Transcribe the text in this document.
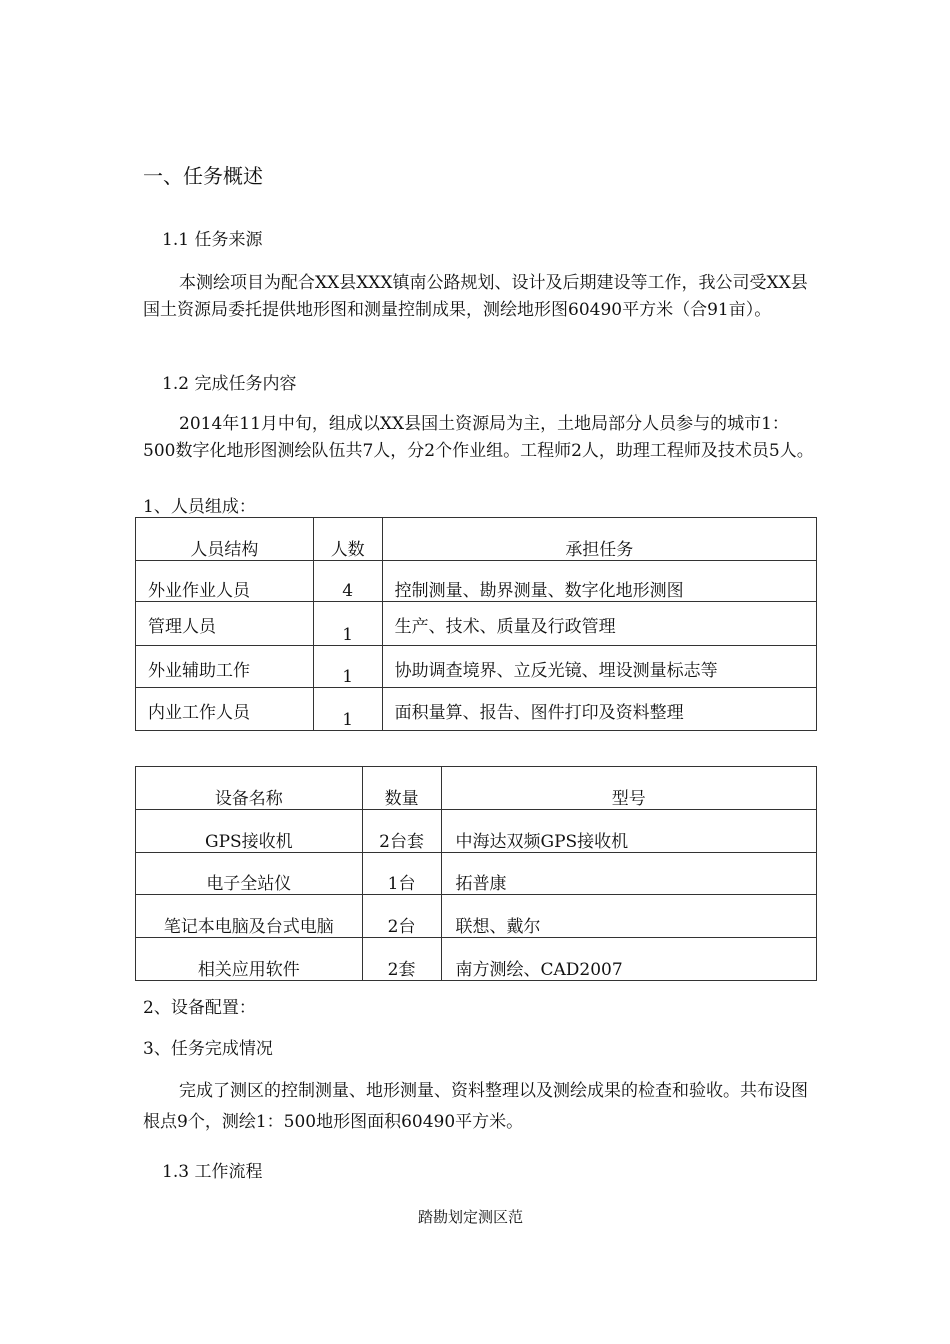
一、任务概述
1.1 任务来源
本测绘项目为配合XX县XXX镇南公路规划、设计及后期建设等工作，我公司受XX县国土资源局委托提供地形图和测量控制成果，测绘地形图60490平方米（合91亩）。
1.2 完成任务内容
2014年11月中旬，组成以XX县国土资源局为主，土地局部分人员参与的城市1：500数字化地形图测绘队伍共7人，分2个作业组。工程师2人，助理工程师及技术员5人。
1、人员组成：
人员结构	人数	承担任务
外业作业人员	4	控制测量、勘界测量、数字化地形测图
管理人员	1	生产、技术、质量及行政管理
外业辅助工作	1	协助调查境界、立反光镜、埋设测量标志等
内业工作人员	1	面积量算、报告、图件打印及资料整理
设备名称	数量	型号
GPS接收机	2台套	中海达双频GPS接收机
电子全站仪	1台	拓普康
笔记本电脑及台式电脑	2台	联想、戴尔
相关应用软件	2套	南方测绘、CAD2007
2、设备配置：
3、任务完成情况
完成了测区的控制测量、地形测量、资料整理以及测绘成果的检查和验收。共布设图根点9个，测绘1：500地形图面积60490平方米。
1.3 工作流程
踏勘划定测区范
